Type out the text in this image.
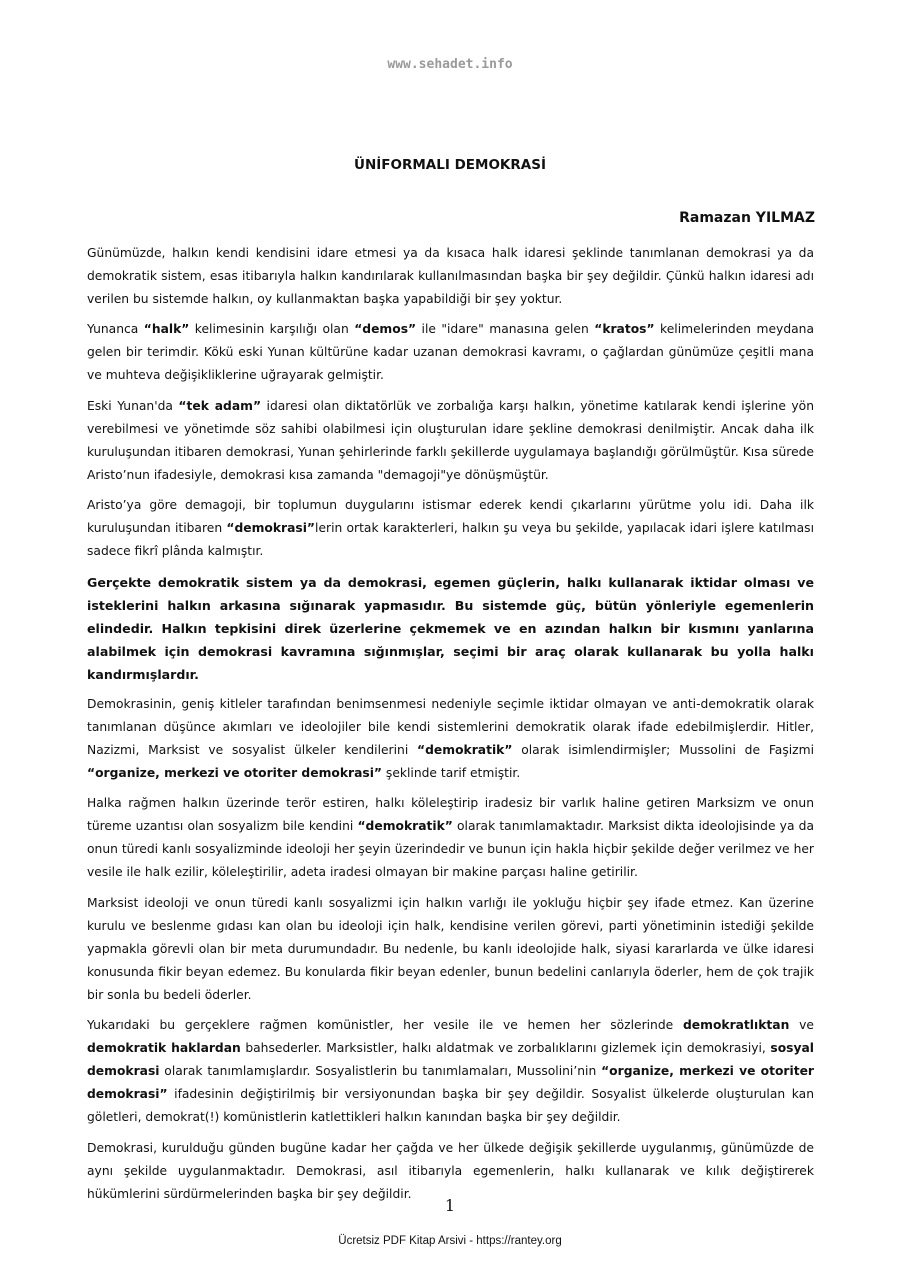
www.sehadet.info
ÜNİFORMALI DEMOKRASİ
Ramazan YILMAZ

Günümüzde, halkın kendi kendisini idare etmesi ya da kısaca halk idaresi şeklinde tanımlanan demokrasi ya da demokratik sistem, esas itibarıyla halkın kandırılarak kullanılmasından başka bir şey değildir. Çünkü halkın idaresi adı verilen bu sistemde halkın, oy kullanmaktan başka yapabildiği bir şey yoktur.

Yunanca “halk” kelimesinin karşılığı olan “demos” ile "idare" manasına gelen “kratos” kelimelerinden meydana gelen bir terimdir. Kökü eski Yunan kültürüne kadar uzanan demokrasi kavramı, o çağlardan günümüze çeşitli mana ve muhteva değişikliklerine uğrayarak gelmiştir.

Eski Yunan'da “tek adam” idaresi olan diktatörlük ve zorbalığa karşı halkın, yönetime katılarak kendi işlerine yön verebilmesi ve yönetimde söz sahibi olabilmesi için oluşturulan idare şekline demokrasi denilmiştir. Ancak daha ilk kuruluşundan itibaren demokrasi, Yunan şehirlerinde farklı şekillerde uygulamaya başlandığı görülmüştür. Kısa sürede Aristo’nun ifadesiyle, demokrasi kısa zamanda "demagoji"ye dönüşmüştür.

Aristo’ya göre demagoji, bir toplumun duygularını istismar ederek kendi çıkarlarını yürütme yolu idi. Daha ilk kuruluşundan itibaren “demokrasi”lerin ortak karakterleri, halkın şu veya bu şekilde, yapılacak idari işlere katılması sadece fikrî plânda kalmıştır.

Gerçekte demokratik sistem ya da demokrasi, egemen güçlerin, halkı kullanarak iktidar olması ve isteklerini halkın arkasına sığınarak yapmasıdır. Bu sistemde güç, bütün yönleriyle egemenlerin elindedir. Halkın tepkisini direk üzerlerine çekmemek ve en azından halkın bir kısmını yanlarına alabilmek için demokrasi kavramına sığınmışlar, seçimi bir araç olarak kullanarak bu yolla halkı kandırmışlardır.

Demokrasinin, geniş kitleler tarafından benimsenmesi nedeniyle seçimle iktidar olmayan ve anti-demokratik olarak tanımlanan düşünce akımları ve ideolojiler bile kendi sistemlerini demokratik olarak ifade edebilmişlerdir. Hitler, Nazizmi, Marksist ve sosyalist ülkeler kendilerini “demokratik” olarak isimlendirmişler; Mussolini de Faşizmi “organize, merkezi ve otoriter demokrasi” şeklinde tarif etmiştir.

Halka rağmen halkın üzerinde terör estiren, halkı köleleştirip iradesiz bir varlık haline getiren Marksizm ve onun türeme uzantısı olan sosyalizm bile kendini “demokratik” olarak tanımlamaktadır. Marksist dikta ideolojisinde ya da onun türedi kanlı sosyalizminde ideoloji her şeyin üzerindedir ve bunun için hakla hiçbir şekilde değer verilmez ve her vesile ile halk ezilir, köleleştirilir, adeta iradesi olmayan bir makine parçası haline getirilir.

Marksist ideoloji ve onun türedi kanlı sosyalizmi için halkın varlığı ile yokluğu hiçbir şey ifade etmez. Kan üzerine kurulu ve beslenme gıdası kan olan bu ideoloji için halk, kendisine verilen görevi, parti yönetiminin istediği şekilde yapmakla görevli olan bir meta durumundadır. Bu nedenle, bu kanlı ideolojide halk, siyasi kararlarda ve ülke idaresi konusunda fikir beyan edemez. Bu konularda fikir beyan edenler, bunun bedelini canlarıyla öderler, hem de çok trajik bir sonla bu bedeli öderler.

Yukarıdaki bu gerçeklere rağmen komünistler, her vesile ile ve hemen her sözlerinde demokratlıktan ve demokratik haklardan bahsederler. Marksistler, halkı aldatmak ve zorbalıklarını gizlemek için demokrasiyi, sosyal demokrasi olarak tanımlamışlardır. Sosyalistlerin bu tanımlamaları, Mussolini’nin “organize, merkezi ve otoriter demokrasi” ifadesinin değiştirilmiş bir versiyonundan başka bir şey değildir. Sosyalist ülkelerde oluşturulan kan göletleri, demokrat(!) komünistlerin katlettikleri halkın kanından başka bir şey değildir.

Demokrasi, kurulduğu günden bugüne kadar her çağda ve her ülkede değişik şekillerde uygulanmış, günümüzde de aynı şekilde uygulanmaktadır. Demokrasi, asıl itibarıyla egemenlerin, halkı kullanarak ve kılık değiştirerek hükümlerini sürdürmelerinden başka bir şey değildir.

1
Ücretsiz PDF Kitap Arsivi - https://rantey.org
